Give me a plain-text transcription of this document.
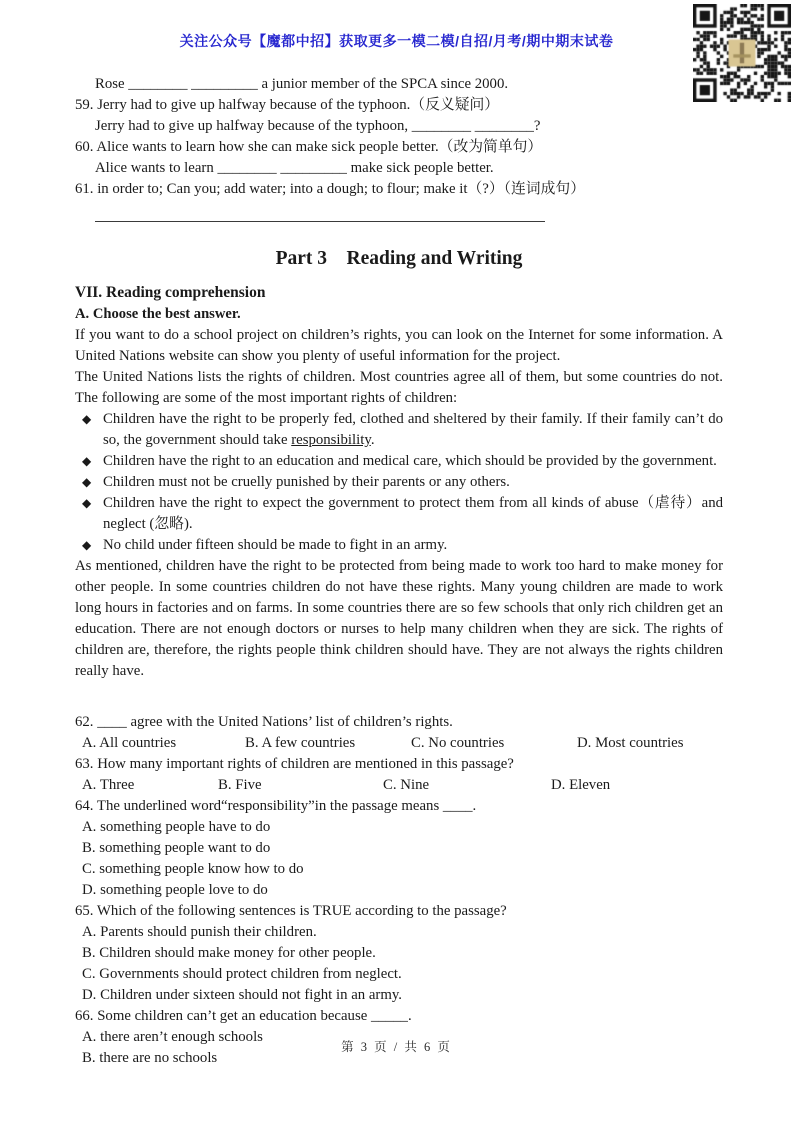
关注公众号【魔都中招】获取更多一模二模/自招/月考/期中期末试卷
Rose ________ _________ a junior member of the SPCA since 2000.
59. Jerry had to give up halfway because of the typhoon.（反义疑问）
Jerry had to give up halfway because of the typhoon, ________ ________?
60. Alice wants to learn how she can make sick people better.（改为简单句）
Alice wants to learn ________ _________ make sick people better.
61. in order to; Can you; add water; into a dough; to flour; make it（?）（连词成句）
Part 3　Reading and Writing
VII. Reading comprehension
A. Choose the best answer.
If you want to do a school project on children’s rights, you can look on the Internet for some information. A United Nations website can show you plenty of useful information for the project.
The United Nations lists the rights of children. Most countries agree all of them, but some countries do not. The following are some of the most important rights of children:
◆ Children have the right to be properly fed, clothed and sheltered by their family. If their family can’t do so, the government should take responsibility.
◆ Children have the right to an education and medical care, which should be provided by the government.
◆ Children must not be cruelly punished by their parents or any others.
◆ Children have the right to expect the government to protect them from all kinds of abuse（虐待）and neglect (忽略).
◆ No child under fifteen should be made to fight in an army.
As mentioned, children have the right to be protected from being made to work too hard to make money for other people. In some countries children do not have these rights. Many young children are made to work long hours in factories and on farms. In some countries there are so few schools that only rich children get an education. There are not enough doctors or nurses to help many children when they are sick. The rights of children are, therefore, the rights people think children should have. They are not always the rights children really have.
62. ____ agree with the United Nations’ list of children’s rights.
A. All countries	B. A few countries	C. No countries	D. Most countries
63. How many important rights of children are mentioned in this passage?
A. Three	B. Five	C. Nine	D. Eleven
64. The underlined word“responsibility”in the passage means ____.
A. something people have to do
B. something people want to do
C. something people know how to do
D. something people love to do
65. Which of the following sentences is TRUE according to the passage?
A. Parents should punish their children.
B. Children should make money for other people.
C. Governments should protect children from neglect.
D. Children under sixteen should not fight in an army.
66. Some children can’t get an education because _____.
A. there aren’t enough schools
B. there are no schools
第 3 页 / 共 6 页
